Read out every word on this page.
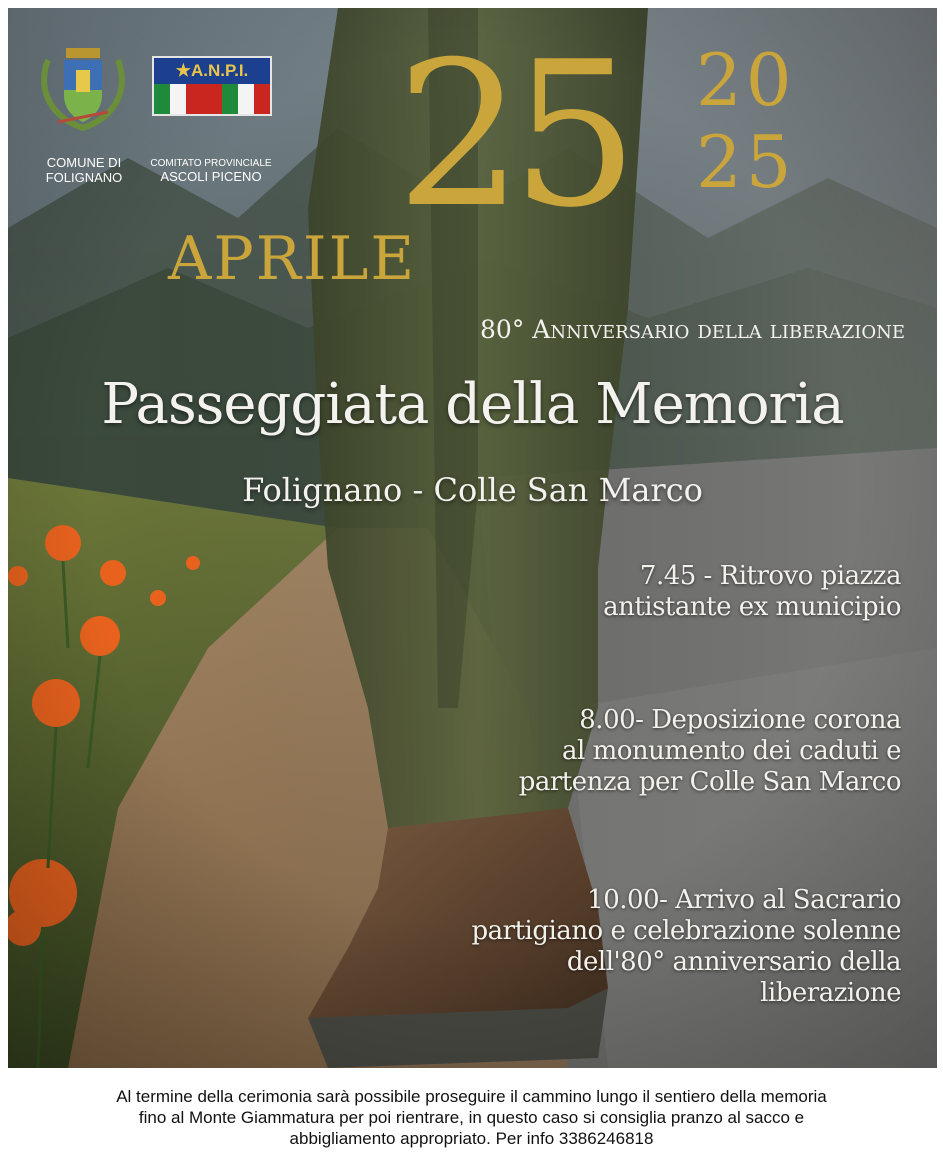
COMUNE DI
FOLIGNANO
★A.N.P.I.
COMITATO PROVINCIALE
ASCOLI PICENO 25 20
25
APRILE
80° Anniversario della liberazione
Passeggiata della Memoria
Folignano - Colle San Marco
7.45 - Ritrovo piazza
antistante ex municipio
8.00- Deposizione corona
al monumento dei caduti e
partenza per Colle San Marco
10.00- Arrivo al Sacrario
partigiano e celebrazione solenne
dell'80° anniversario della
liberazione

Al termine della cerimonia sarà possibile proseguire il cammino lungo il sentiero della memoria
fino al Monte Giammatura per poi rientrare, in questo caso si consiglia pranzo al sacco e
abbigliamento appropriato. Per info 3386246818
